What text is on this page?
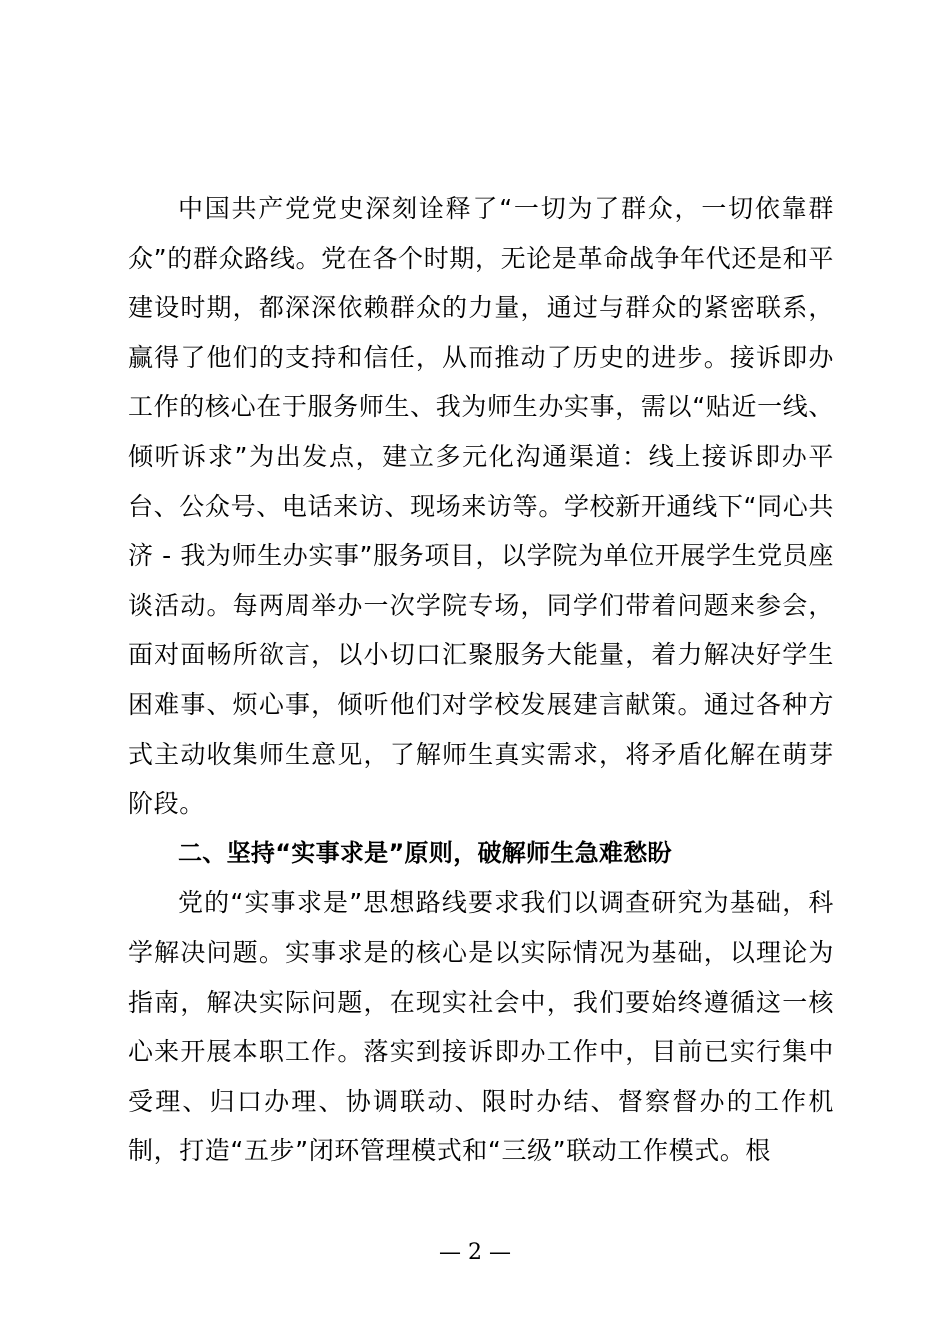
中国共产党党史深刻诠释了“一切为了群众，一切依靠群众”的群众路线。党在各个时期，无论是革命战争年代还是和平建设时期，都深深依赖群众的力量，通过与群众的紧密联系，赢得了他们的支持和信任，从而推动了历史的进步。接诉即办工作的核心在于服务师生、我为师生办实事，需以“贴近一线、倾听诉求”为出发点，建立多元化沟通渠道：线上接诉即办平台、公众号、电话来访、现场来访等。学校新开通线下“同心共济 - 我为师生办实事”服务项目，以学院为单位开展学生党员座谈活动。每两周举办一次学院专场，同学们带着问题来参会，面对面畅所欲言，以小切口汇聚服务大能量，着力解决好学生困难事、烦心事，倾听他们对学校发展建言献策。通过各种方式主动收集师生意见，了解师生真实需求，将矛盾化解在萌芽阶段。

二、坚持“实事求是”原则，破解师生急难愁盼

党的“实事求是”思想路线要求我们以调查研究为基础，科学解决问题。实事求是的核心是以实际情况为基础，以理论为指南，解决实际问题，在现实社会中，我们要始终遵循这一核心来开展本职工作。落实到接诉即办工作中，目前已实行集中受理、归口办理、协调联动、限时办结、督察督办的工作机制，打造“五步”闭环管理模式和“三级”联动工作模式。根

— 2 —
